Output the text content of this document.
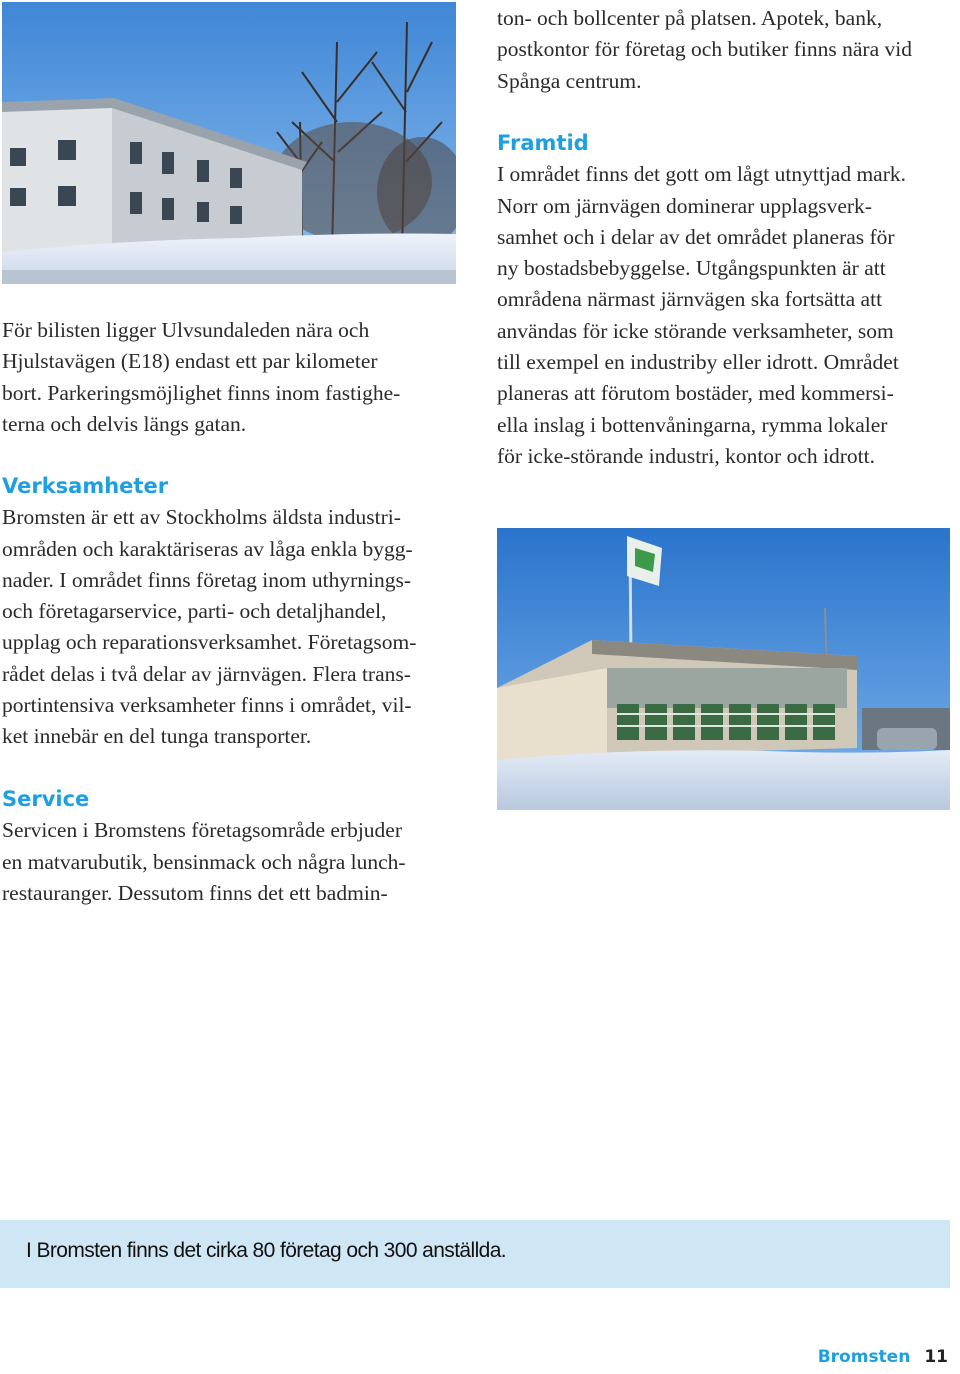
För bilisten ligger Ulvsundaleden nära och
Hjulstavägen (E18) endast ett par kilometer
bort. Parkeringsmöjlighet finns inom fastighe-
terna och delvis längs gatan.

Verksamheter

Bromsten är ett av Stockholms äldsta industri-
områden och karaktäriseras av låga enkla bygg-
nader. I området finns företag inom uthyrnings-
och företagarservice, parti- och detaljhandel,
upplag och reparationsverksamhet. Företagsom-
rådet delas i två delar av järnvägen. Flera trans-
portintensiva verksamheter finns i området, vil-
ket innebär en del tunga transporter.

Service

Servicen i Bromstens företagsområde erbjuder
en matvarubutik, bensinmack och några lunch-
restauranger. Dessutom finns det ett badmin-

ton- och bollcenter på platsen. Apotek, bank,
postkontor för företag och butiker finns nära vid
Spånga centrum.

Framtid

I området finns det gott om lågt utnyttjad mark.
Norr om järnvägen dominerar upplagsverk-
samhet och i delar av det området planeras för
ny bostadsbebyggelse. Utgångspunkten är att
områdena närmast järnvägen ska fortsätta att
användas för icke störande verksamheter, som
till exempel en industriby eller idrott. Området
planeras att förutom bostäder, med kommersi-
ella inslag i bottenvåningarna, rymma lokaler
för icke-störande industri, kontor och idrott.

I Bromsten finns det cirka 80 företag och 300 anställda.
Bromsten 11
